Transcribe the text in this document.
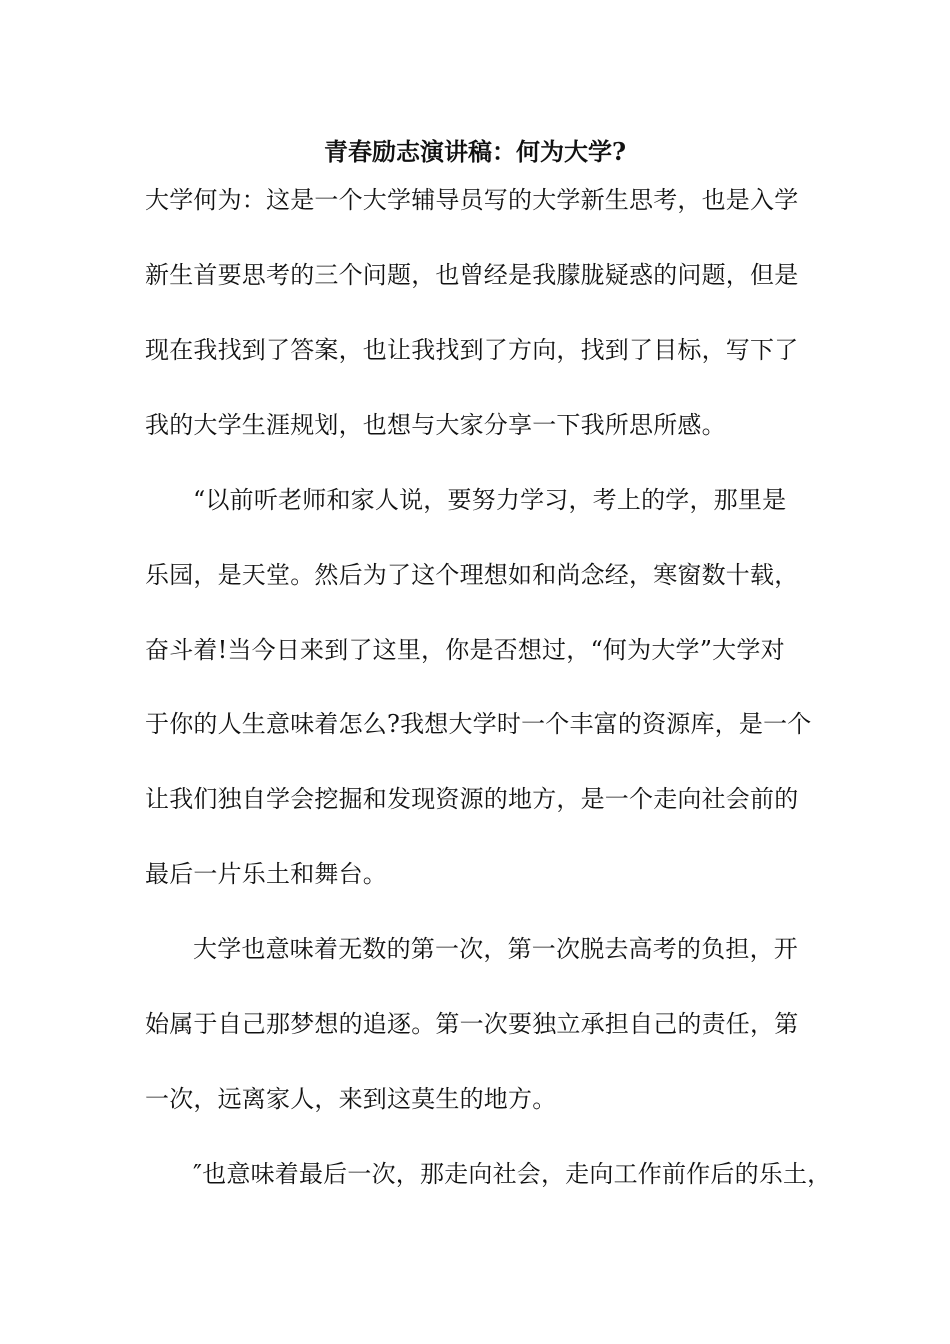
青春励志演讲稿：何为大学?
大学何为：这是一个大学辅导员写的大学新生思考，也是入学
新生首要思考的三个问题，也曾经是我朦胧疑惑的问题，但是
现在我找到了答案，也让我找到了方向，找到了目标，写下了
我的大学生涯规划，也想与大家分享一下我所思所感。
“以前听老师和家人说，要努力学习，考上的学，那里是
乐园，是天堂。然后为了这个理想如和尚念经，寒窗数十载，
奋斗着!当今日来到了这里，你是否想过，“何为大学”大学对
于你的人生意味着怎么?我想大学时一个丰富的资源库，是一个
让我们独自学会挖掘和发现资源的地方，是一个走向社会前的
最后一片乐土和舞台。
大学也意味着无数的第一次，第一次脱去高考的负担，开
始属于自己那梦想的追逐。第一次要独立承担自己的责任，第
一次，远离家人，来到这莫生的地方。
″也意味着最后一次，那走向社会，走向工作前作后的乐土，
